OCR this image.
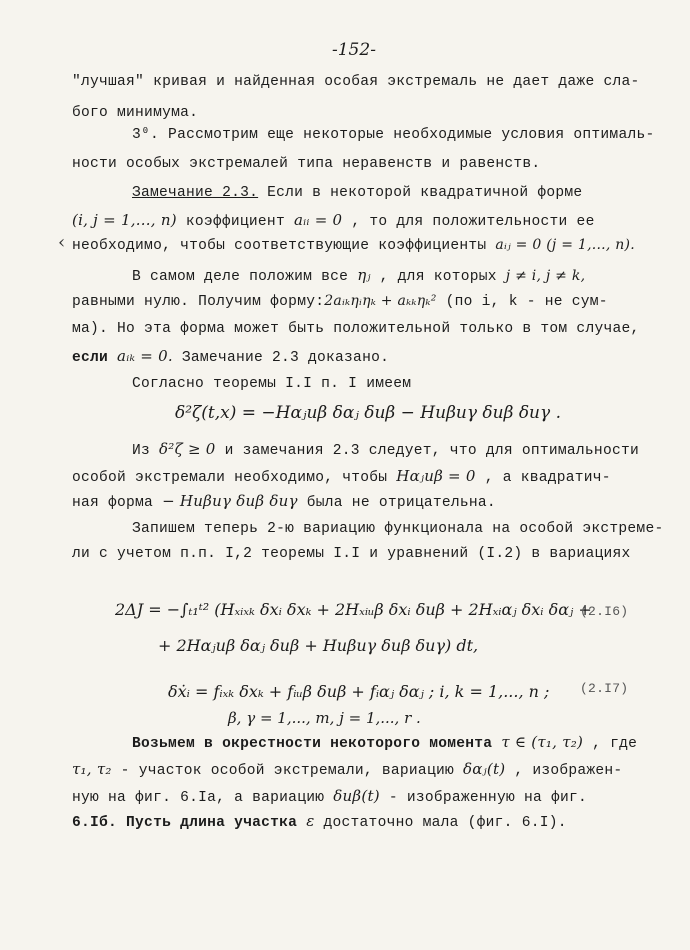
-152-
‹
"лучшая" кривая и найденная особая экстремаль не дает даже сла-
бого минимума.
3⁰. Рассмотрим еще некоторые необходимые условия оптималь-
ности особых экстремалей типа неравенств и равенств.
Замечание 2.3. Если в некоторой квадратичной форме
(i, j = 1,..., n) коэффициент aᵢᵢ = 0 , то для положительности ее
необходимо, чтобы соответствующие коэффициенты aᵢⱼ = 0 (j = 1,..., n).
В самом деле положим все ηⱼ , для которых j ≠ i, j ≠ k,
равными нулю. Получим форму:2aᵢₖηᵢηₖ + aₖₖηₖ² (по i, k - не сум-
ма). Но эта форма может быть положительной только в том случае,
если aᵢₖ = 0. Замечание 2.3 доказано.
Согласно теоремы I.I п. I имеем
δ²ζ(t,x) = −Hαⱼuβ δαⱼ δuβ − Huβuγ δuβ δuγ .
Из δ²ζ ≥ 0 и замечания 2.3 следует, что для оптимальности
особой экстремали необходимо, чтобы Hαⱼuβ = 0 , а квадратич-
ная форма − Huβuγ δuβ δuγ была не отрицательна.
Запишем теперь 2-ю вариацию функционала на особой экстреме-
ли с учетом п.п. I,2 теоремы I.I и уравнений (I.2) в вариациях
2ΔJ = −∫ₜ₁ᵗ² (Hₓᵢₓₖ δxᵢ δxₖ + 2Hₓᵢᵤβ δxᵢ δuβ + 2Hₓᵢαⱼ δxᵢ δαⱼ +
(2.I6)
+ 2Hαⱼuβ δαⱼ δuβ + Huβuγ δuβ δuγ) dt,
δẋᵢ = fᵢₓₖ δxₖ + fᵢᵤβ δuβ + fᵢαⱼ δαⱼ ; i, k = 1,..., n ; (2.I7)
β, γ = 1,..., m, j = 1,..., r .
Возьмем в окрестности некоторого момента τ ∈ (τ₁, τ₂) , где
τ₁, τ₂ - участок особой экстремали, вариацию δαⱼ(t) , изображен-
ную на фиг. 6.Iа, а вариацию δuβ(t) - изображенную на фиг.
6.Iб. Пусть длина участка ε достаточно мала (фиг. 6.I).
